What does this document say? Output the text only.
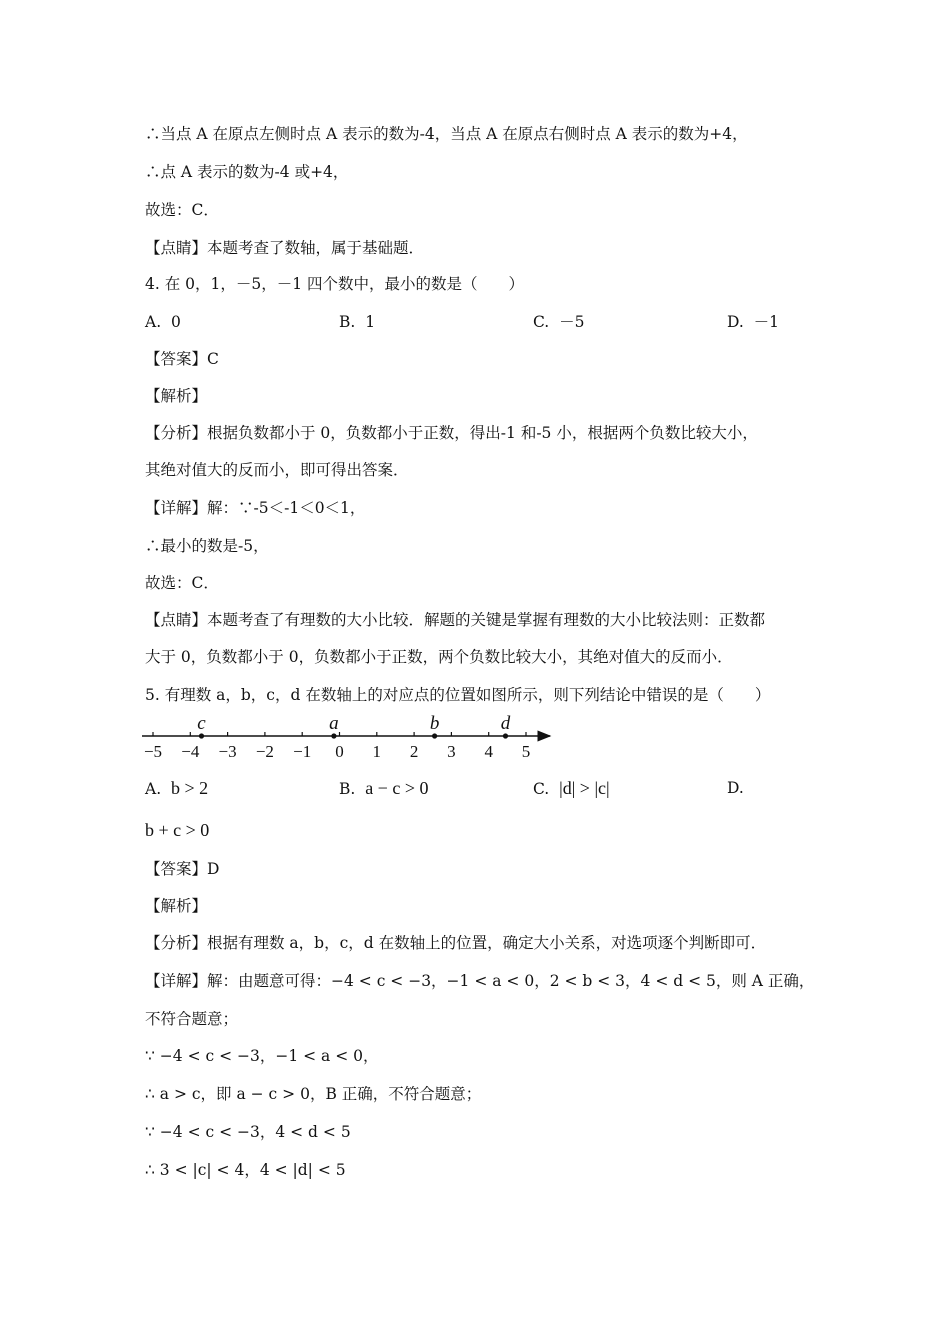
∴当点 A 在原点左侧时点 A 表示的数为-4，当点 A 在原点右侧时点 A 表示的数为+4，
∴点 A 表示的数为-4 或+4，
故选：C．
【点睛】本题考查了数轴，属于基础题．
4. 在 0，1，－5，－1 四个数中，最小的数是（　　）
A. 0	B. 1	C. －5	D. －1
【答案】C
【解析】
【分析】根据负数都小于 0，负数都小于正数，得出-1 和-5 小，根据两个负数比较大小，
其绝对值大的反而小，即可得出答案．
【详解】解：∵-5＜-1＜0＜1，
∴最小的数是-5，
故选：C．
【点睛】本题考查了有理数的大小比较．解题的关键是掌握有理数的大小比较法则：正数都
大于 0，负数都小于 0，负数都小于正数，两个负数比较大小，其绝对值大的反而小．
5. 有理数 a，b，c，d 在数轴上的对应点的位置如图所示，则下列结论中错误的是（　　）
−5 −4 −3 −2 −1 0 1 2 3 4 5
c	a	b	d
A. b > 2	B. a − c > 0	C. |d| > |c|	D.
b + c > 0
【答案】D
【解析】
【分析】根据有理数 a，b，c，d 在数轴上的位置，确定大小关系，对选项逐个判断即可．
【详解】解：由题意可得：−4 < c < −3，−1 < a < 0，2 < b < 3，4 < d < 5，则 A 正确，
不符合题意；
∵ −4 < c < −3，−1 < a < 0，
∴ a > c，即 a − c > 0，B 正确，不符合题意；
∵ −4 < c < −3，4 < d < 5
∴ 3 < |c| < 4，4 < |d| < 5
